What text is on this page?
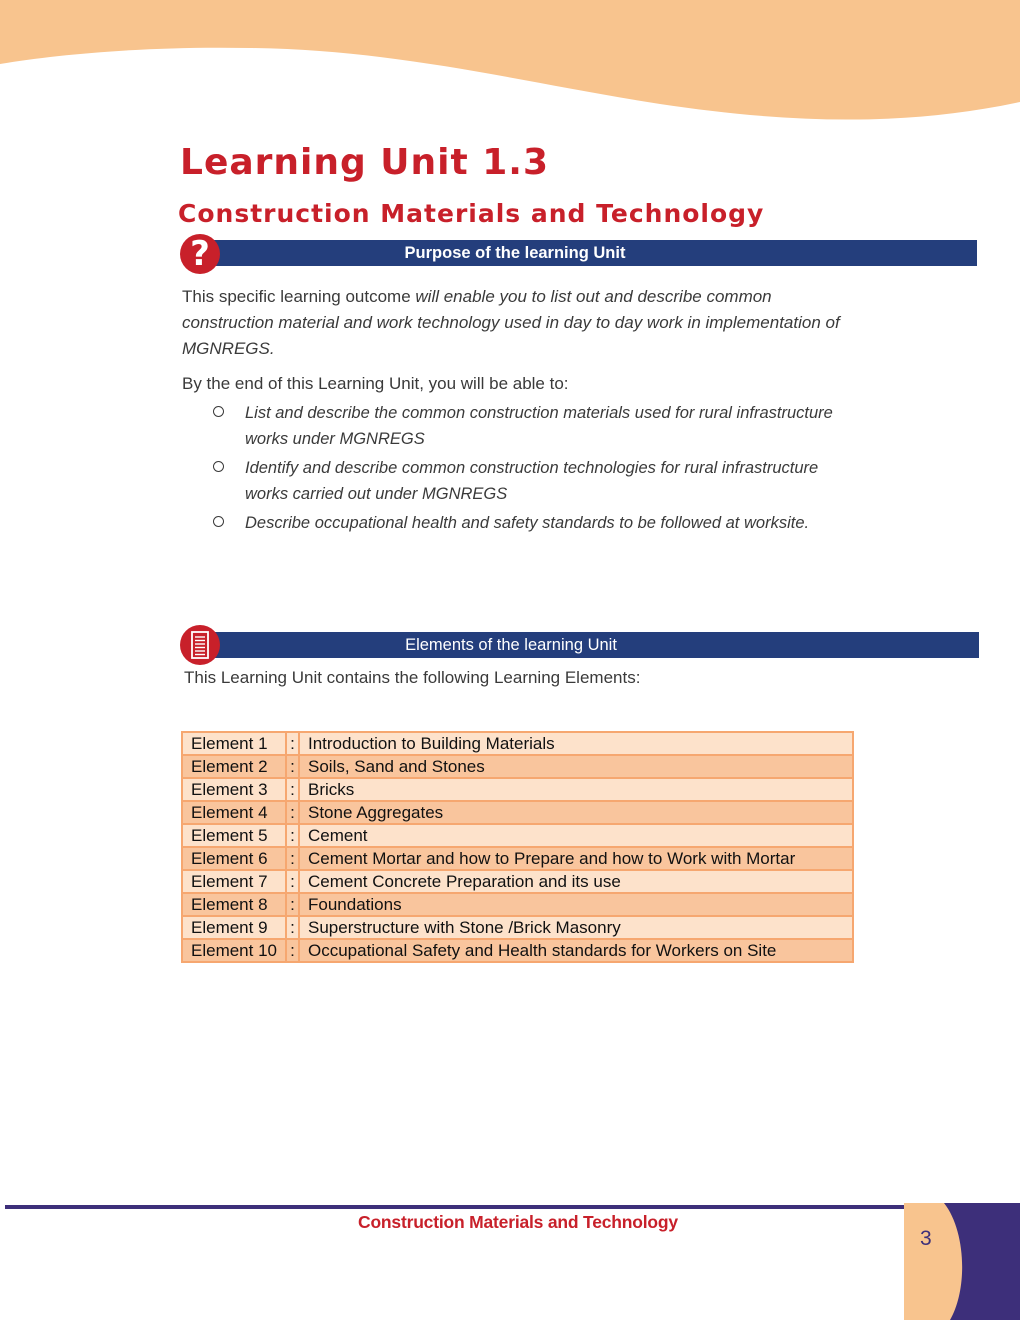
Learning Unit 1.3
Construction Materials and Technology
Purpose of the learning Unit
?

This specific learning outcome will enable you to list out and describe common construction material and work technology used in day to day work in implementation of MGNREGS.

By the end of this Learning Unit, you will be able to:

List and describe the common construction materials used for rural infrastructure works under MGNREGS
Identify and describe common construction technologies for rural infrastructure works carried out under MGNREGS
Describe occupational health and safety standards to be followed at worksite.
Elements of the learning Unit

This Learning Unit contains the following Learning Elements:

Element 1	:	Introduction to Building Materials
Element 2	:	Soils, Sand and Stones
Element 3	:	Bricks
Element 4	:	Stone Aggregates
Element 5	:	Cement
Element 6	:	Cement Mortar and how to Prepare and how to Work with Mortar
Element 7	:	Cement Concrete Preparation and its use
Element 8	:	Foundations
Element 9	:	Superstructure with Stone /Brick Masonry
Element 10	:	Occupational Safety and Health standards for Workers on Site
Construction Materials and Technology
3
